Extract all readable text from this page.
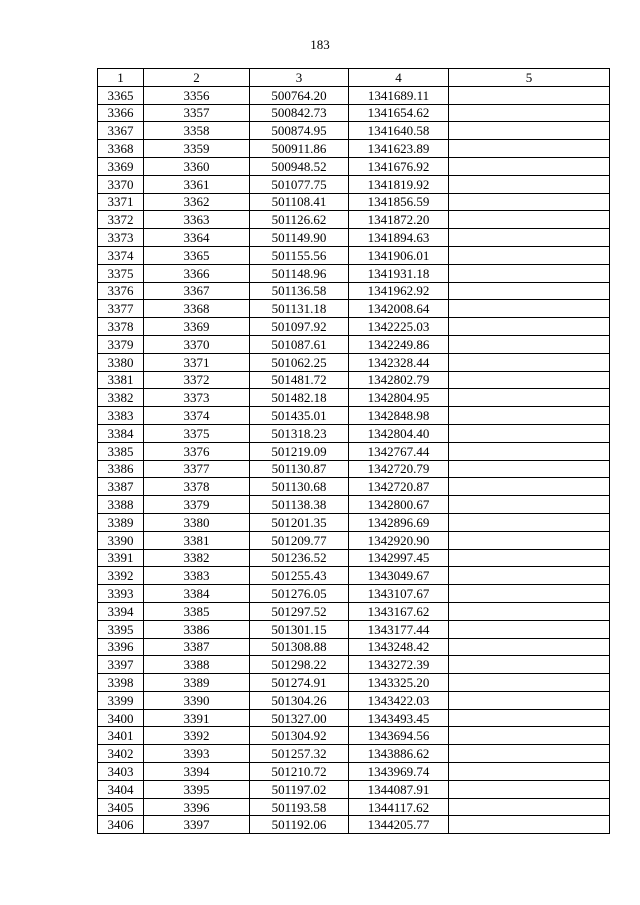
183
1	2	3	4	5
3365	3356	500764.20	1341689.11	
3366	3357	500842.73	1341654.62	
3367	3358	500874.95	1341640.58	
3368	3359	500911.86	1341623.89	
3369	3360	500948.52	1341676.92	
3370	3361	501077.75	1341819.92	
3371	3362	501108.41	1341856.59	
3372	3363	501126.62	1341872.20	
3373	3364	501149.90	1341894.63	
3374	3365	501155.56	1341906.01	
3375	3366	501148.96	1341931.18	
3376	3367	501136.58	1341962.92	
3377	3368	501131.18	1342008.64	
3378	3369	501097.92	1342225.03	
3379	3370	501087.61	1342249.86	
3380	3371	501062.25	1342328.44	
3381	3372	501481.72	1342802.79	
3382	3373	501482.18	1342804.95	
3383	3374	501435.01	1342848.98	
3384	3375	501318.23	1342804.40	
3385	3376	501219.09	1342767.44	
3386	3377	501130.87	1342720.79	
3387	3378	501130.68	1342720.87	
3388	3379	501138.38	1342800.67	
3389	3380	501201.35	1342896.69	
3390	3381	501209.77	1342920.90	
3391	3382	501236.52	1342997.45	
3392	3383	501255.43	1343049.67	
3393	3384	501276.05	1343107.67	
3394	3385	501297.52	1343167.62	
3395	3386	501301.15	1343177.44	
3396	3387	501308.88	1343248.42	
3397	3388	501298.22	1343272.39	
3398	3389	501274.91	1343325.20	
3399	3390	501304.26	1343422.03	
3400	3391	501327.00	1343493.45	
3401	3392	501304.92	1343694.56	
3402	3393	501257.32	1343886.62	
3403	3394	501210.72	1343969.74	
3404	3395	501197.02	1344087.91	
3405	3396	501193.58	1344117.62	
3406	3397	501192.06	1344205.77	
